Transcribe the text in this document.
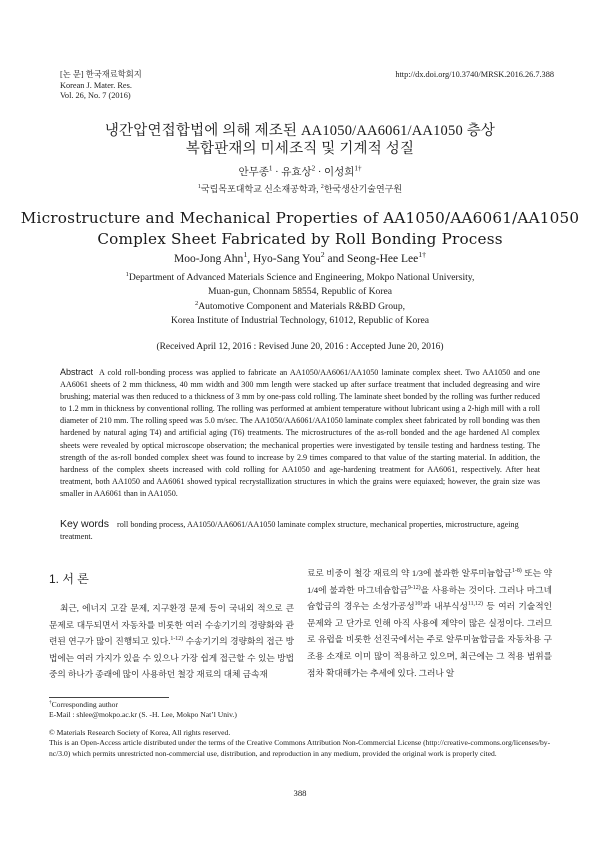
[논 문] 한국재료학회지
Korean J. Mater. Res.
Vol. 26, No. 7 (2016)
http://dx.doi.org/10.3740/MRSK.2016.26.7.388
냉간압연접합법에 의해 제조된 AA1050/AA6061/AA1050 층상
복합판재의 미세조직 및 기계적 성질
안무종$^1$ · 유효상$^2$ · 이성희$^{1\dagger}$
$^1$국립목포대학교 신소재공학과, $^2$한국생산기술연구원
Microstructure and Mechanical Properties of AA1050/AA6061/AA1050
Complex Sheet Fabricated by Roll Bonding Process
Moo-Jong Ahn$^1$, Hyo-Sang You$^2$ and Seong-Hee Lee$^{1\dagger}$
$^1$Department of Advanced Materials Science and Engineering, Mokpo National University,
Muan-gun, Chonnam 58554, Republic of Korea
$^2$Automotive Component and Materials R&BD Group,
Korea Institute of Industrial Technology, 61012, Republic of Korea
(Received April 12, 2016 : Revised June 20, 2016 : Accepted June 20, 2016)
Abstract A cold roll-bonding process was applied to fabricate an AA1050/AA6061/AA1050 laminate complex sheet. Two AA1050 and one AA6061 sheets of 2 mm thickness, 40 mm width and 300 mm length were stacked up after surface treatment that included degreasing and wire brushing; material was then reduced to a thickness of 3 mm by one-pass cold rolling. The laminate sheet bonded by the rolling was further reduced to 1.2 mm in thickness by conventional rolling. The rolling was performed at ambient temperature without lubricant using a 2-high mill with a roll diameter of 210 mm. The rolling speed was 5.0 m/sec. The AA1050/AA6061/AA1050 laminate complex sheet fabricated by roll bonding was then hardened by natural aging T4) and artificial aging (T6) treatments. The microstructures of the as-roll bonded and the age hardened Al complex sheets were revealed by optical microscope observation; the mechanical properties were investigated by tensile testing and hardness testing. The strength of the as-roll bonded complex sheet was found to increase by 2.9 times compared to that value of the starting material. In addition, the hardness of the complex sheets increased with cold rolling for AA1050 and age-hardening treatment for AA6061, respectively. After heat treatment, both AA1050 and AA6061 showed typical recrystallization structures in which the grains were equiaxed; however, the grain size was smaller in AA6061 than in AA1050.
Key words roll bonding process, AA1050/AA6061/AA1050 laminate complex structure, mechanical properties, microstructure, ageing treatment.
1. 서 론
최근, 에너지 고갈 문제, 지구환경 문제 등이 국내외 적으로 큰 문제로 대두되면서 자동차를 비롯한 여러 수송기기의 경량화와 관련된 연구가 많이 진행되고 있다.$^{1-12)}$ 수송기기의 경량화의 접근 방법에는 여러 가지가 있을 수 있으나 가장 쉽게 접근할 수 있는 방법 중의 하나가 종래에 많이 사용하던 철강 재료의 대체 금속재
료로 비중이 철강 재료의 약 1/3에 불과한 알루미늄합금$^{1-8)}$ 또는 약 1/4에 불과한 마그네슘합금$^{9-12)}$을 사용하는 것이다. 그러나 마그네슘합금의 경우는 소성가공성$^{10)}$과 내부식성$^{11,12)}$ 등 여러 기술적인 문제와 고 단가로 인해 아직 사용에 제약이 많은 실정이다. 그러므로 유럽을 비롯한 선진국에서는 주로 알루미늄합금을 자동차용 구조용 소재로 이미 많이 적용하고 있으며, 최근에는 그 적용 범위를 점차 확대해가는 추세에 있다. 그러나 알
†Corresponding author
E-Mail : shlee@mokpo.ac.kr (S. -H. Lee, Mokpo Nat’l Univ.)
© Materials Research Society of Korea, All rights reserved.
This is an Open-Access article distributed under the terms of the Creative Commons Attribution Non-Commercial License (http://creative-commons.org/licenses/by-nc/3.0) which permits unrestricted non-commercial use, distribution, and reproduction in any medium, provided the original work is properly cited.
388
